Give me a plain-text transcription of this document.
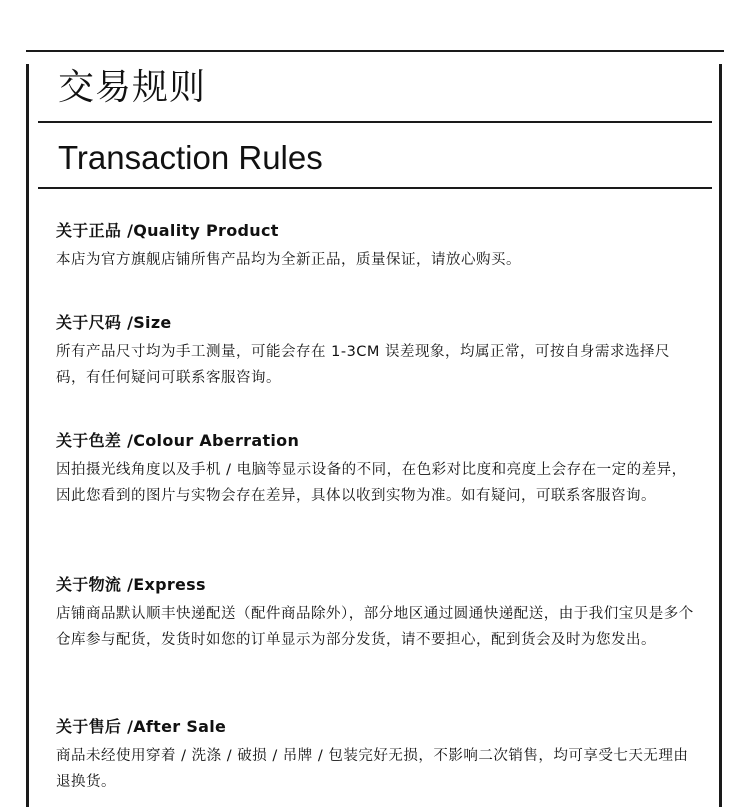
交易规则
Transaction Rules
关于正品 /Quality Product

本店为官方旗舰店铺所售产品均为全新正品，质量保证，请放心购买。

关于尺码 /Size

所有产品尺寸均为手工测量，可能会存在 1-3CM 误差现象，均属正常，可按自身需求选择尺码，有任何疑问可联系客服咨询。

关于色差 /Colour Aberration

因拍摄光线角度以及手机 / 电脑等显示设备的不同，在色彩对比度和亮度上会存在一定的差异，因此您看到的图片与实物会存在差异，具体以收到实物为准。如有疑问，可联系客服咨询。

关于物流 /Express

店铺商品默认顺丰快递配送（配件商品除外），部分地区通过圆通快递配送，由于我们宝贝是多个仓库参与配货，发货时如您的订单显示为部分发货，请不要担心，配到货会及时为您发出。

关于售后 /After Sale

商品未经使用穿着 / 洗涤 / 破损 / 吊牌 / 包装完好无损，不影响二次销售，均可享受七天无理由退换货。
